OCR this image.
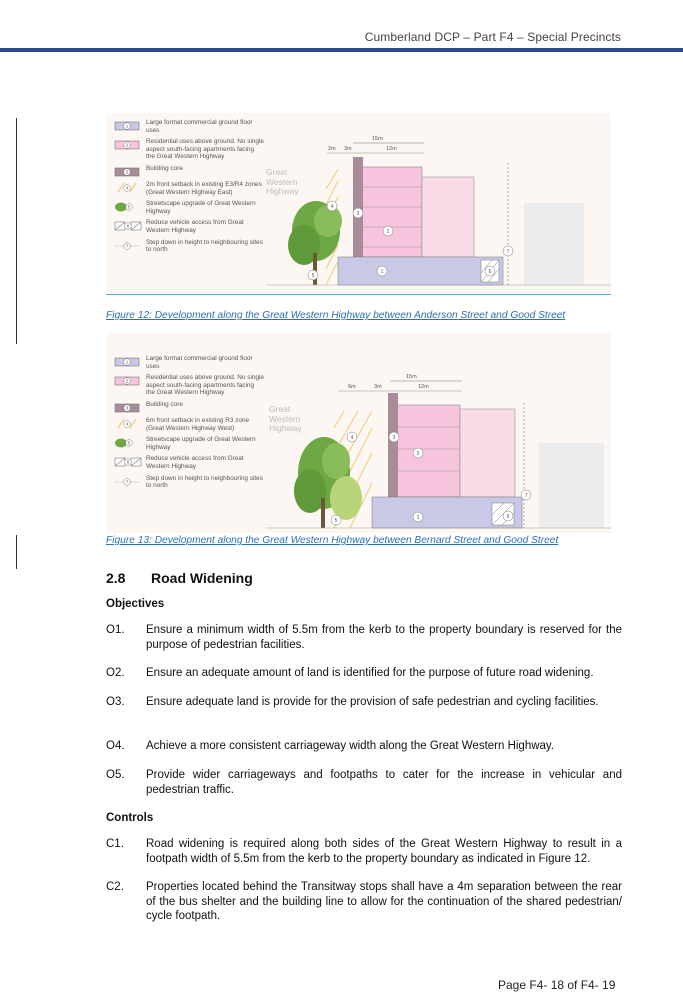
Cumberland DCP – Part F4 – Special Precincts
1
Large format commercial ground floor uses
2
Residential uses above ground. No single aspect south-facing apartments facing the Great Western Highway
3
Building core
4
2m front setback in existing E3/R4 zones (Great Western Highway East)
5
Streetscape upgrade of Great Western Highway
6
Reduce vehicle access from Great Western Highway
7
Step down in height to neighbouring sites to north
Great Western Highway
2m 3m	12m
15m
1
2
3
4
5
6
7
Figure 12: Development along the Great Western Highway between Anderson Street and Good Street
1
Large format commercial ground floor uses
2
Residential uses above ground. No single aspect south-facing apartments facing the Great Western Highway
3
Building core
4
6m front setback in existing R3 zone (Great Western Highway West)
5
Streetscape upgrade of Great Western Highway
6
Reduce vehicle access from Great Western Highway
7
Step down in height to neighbouring sites to north
Great Western Highway
6m	3m	12m
15m
1
2
3
4
5
6
7
Figure 13: Development along the Great Western Highway between Bernard Street and Good Street
2.8 Road Widening
Objectives
O1. Ensure a minimum width of 5.5m from the kerb to the property boundary is reserved for the purpose of pedestrian facilities.
O2. Ensure an adequate amount of land is identified for the purpose of future road widening.
O3. Ensure adequate land is provide for the provision of safe pedestrian and cycling facilities.
O4. Achieve a more consistent carriageway width along the Great Western Highway.
O5. Provide wider carriageways and footpaths to cater for the increase in vehicular and pedestrian traffic.
Controls
C1. Road widening is required along both sides of the Great Western Highway to result in a footpath width of 5.5m from the kerb to the property boundary as indicated in Figure 12.
C2. Properties located behind the Transitway stops shall have a 4m separation between the rear of the bus shelter and the building line to allow for the continuation of the shared pedestrian/ cycle footpath.
Page F4- 18 of F4- 19
